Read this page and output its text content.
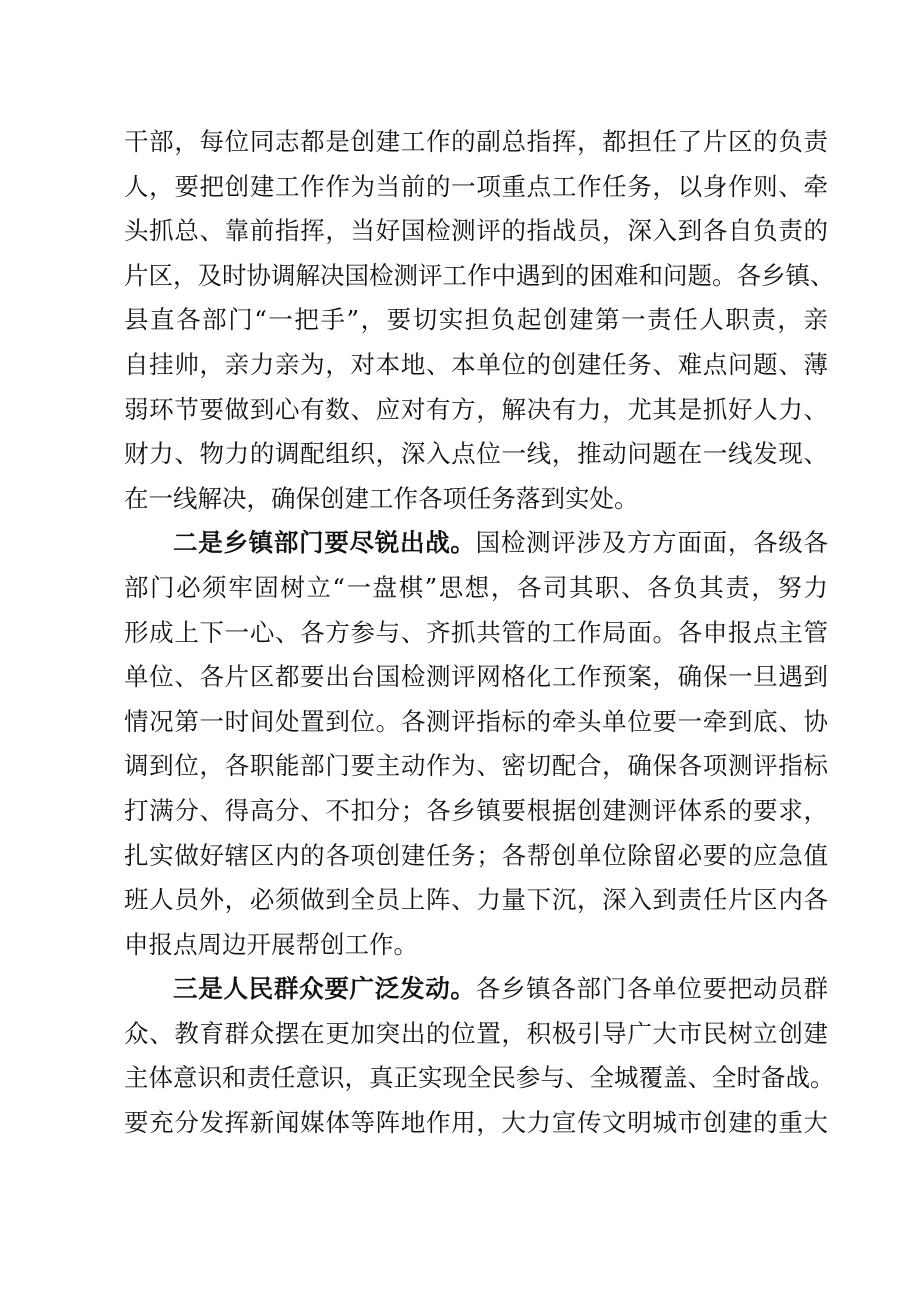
干部，每位同志都是创建工作的副总指挥，都担任了片区的负责
人，要把创建工作作为当前的一项重点工作任务，以身作则、牵
头抓总、靠前指挥，当好国检测评的指战员，深入到各自负责的
片区，及时协调解决国检测评工作中遇到的困难和问题。各乡镇、
县直各部门“一把手”，要切实担负起创建第一责任人职责，亲
自挂帅，亲力亲为，对本地、本单位的创建任务、难点问题、薄
弱环节要做到心有数、应对有方，解决有力，尤其是抓好人力、
财力、物力的调配组织，深入点位一线，推动问题在一线发现、
在一线解决，确保创建工作各项任务落到实处。
二是乡镇部门要尽锐出战。国检测评涉及方方面面，各级各
部门必须牢固树立“一盘棋”思想，各司其职、各负其责，努力
形成上下一心、各方参与、齐抓共管的工作局面。各申报点主管
单位、各片区都要出台国检测评网格化工作预案，确保一旦遇到
情况第一时间处置到位。各测评指标的牵头单位要一牵到底、协
调到位，各职能部门要主动作为、密切配合，确保各项测评指标
打满分、得高分、不扣分；各乡镇要根据创建测评体系的要求，
扎实做好辖区内的各项创建任务；各帮创单位除留必要的应急值
班人员外，必须做到全员上阵、力量下沉，深入到责任片区内各
申报点周边开展帮创工作。
三是人民群众要广泛发动。各乡镇各部门各单位要把动员群
众、教育群众摆在更加突出的位置，积极引导广大市民树立创建
主体意识和责任意识，真正实现全民参与、全城覆盖、全时备战。
要充分发挥新闻媒体等阵地作用，大力宣传文明城市创建的重大
